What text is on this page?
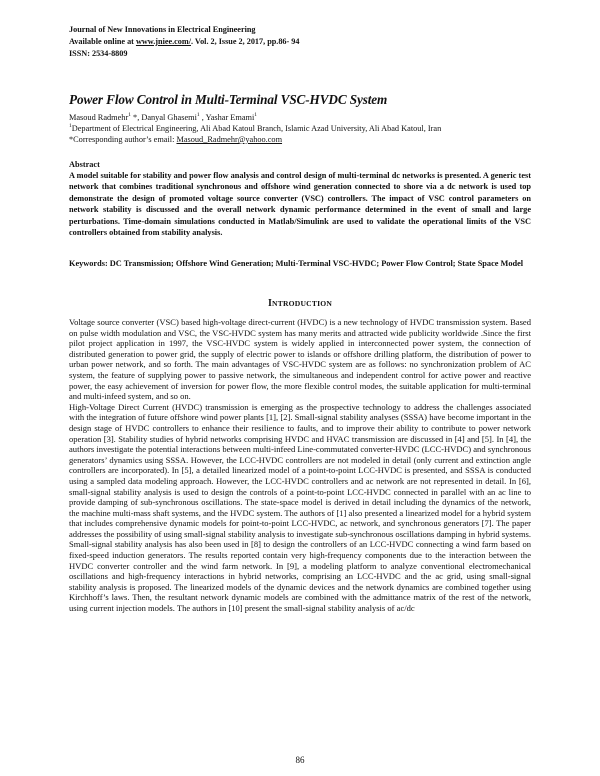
Journal of New Innovations in Electrical Engineering
Available online at www.jniee.com/. Vol. 2, Issue 2, 2017, pp.86- 94
ISSN: 2534-8809
Power Flow Control in Multi-Terminal VSC-HVDC System
Masoud Radmehr$^1$ *, Danyal Ghasemi$^1$ , Yashar Emami$^1$
$^1$Department of Electrical Engineering, Ali Abad Katoul Branch, Islamic Azad University, Ali Abad Katoul, Iran
*Corresponding author’s email: Masoud_Radmehr@yahoo.com
Abstract
A model suitable for stability and power flow analysis and control design of multi-terminal dc networks is presented. A generic test network that combines traditional synchronous and offshore wind generation connected to shore via a dc network is used top demonstrate the design of promoted voltage source converter (VSC) controllers. The impact of VSC control parameters on network stability is discussed and the overall network dynamic performance determined in the event of small and large perturbations. Time-domain simulations conducted in Matlab/Simulink are used to validate the operational limits of the VSC controllers obtained from stability analysis.
Keywords: DC Transmission; Offshore Wind Generation; Multi-Terminal VSC-HVDC; Power Flow Control; State Space Model
INTRODUCTION

Voltage source converter (VSC) based high-voltage direct-current (HVDC) is a new technology of HVDC transmission system. Based on pulse width modulation and VSC, the VSC-HVDC system has many merits and attracted wide publicity worldwide .Since the first pilot project application in 1997, the VSC-HVDC system is widely applied in interconnected power system, the connection of distributed generation to power grid, the supply of electric power to islands or offshore drilling platform, the distribution of power to urban power network, and so forth. The main advantages of VSC-HVDC system are as follows: no synchronization problem of AC system, the feature of supplying power to passive network, the simultaneous and independent control for active power and reactive power, the easy achievement of inversion for power flow, the more flexible control modes, the suitable application for multi-terminal and multi-infeed system, and so on.

High-Voltage Direct Current (HVDC) transmission is emerging as the prospective technology to address the challenges associated with the integration of future offshore wind power plants [1], [2]. Small-signal stability analyses (SSSA) have become important in the design stage of HVDC controllers to enhance their resilience to faults, and to improve their ability to contribute to power network operation [3]. Stability studies of hybrid networks comprising HVDC and HVAC transmission are discussed in [4] and [5]. In [4], the authors investigate the potential interactions between multi-infeed Line-commutated converter-HVDC (LCC-HVDC) and synchronous generators’ dynamics using SSSA. However, the LCC-HVDC controllers are not modeled in detail (only current and extinction angle controllers are incorporated). In [5], a detailed linearized model of a point-to-point LCC-HVDC is presented, and SSSA is conducted using a sampled data modeling approach. However, the LCC-HVDC controllers and ac network are not represented in detail. In [6], small-signal stability analysis is used to design the controls of a point-to-point LCC-HVDC connected in parallel with an ac line to provide damping of sub-synchronous oscillations. The state-space model is derived in detail including the dynamics of the network, the machine multi-mass shaft systems, and the HVDC system. The authors of [1] also presented a linearized model for a hybrid system that includes comprehensive dynamic models for point-to-point LCC-HVDC, ac network, and synchronous generators [7]. The paper addresses the possibility of using small-signal stability analysis to investigate sub-synchronous oscillations damping in hybrid systems. Small-signal stability analysis has also been used in [8] to design the controllers of an LCC-HVDC connecting a wind farm based on fixed-speed induction generators. The results reported contain very high-frequency components due to the interaction between the HVDC converter controller and the wind farm network. In [9], a modeling platform to analyze conventional electromechanical oscillations and high-frequency interactions in hybrid networks, comprising an LCC-HVDC and the ac grid, using small-signal stability analysis is proposed. The linearized models of the dynamic devices and the network dynamics are combined together using Kirchhoff’s laws. Then, the resultant network dynamic models are combined with the admittance matrix of the rest of the network, using current injection models. The authors in [10] present the small-signal stability analysis of ac/dc

86
